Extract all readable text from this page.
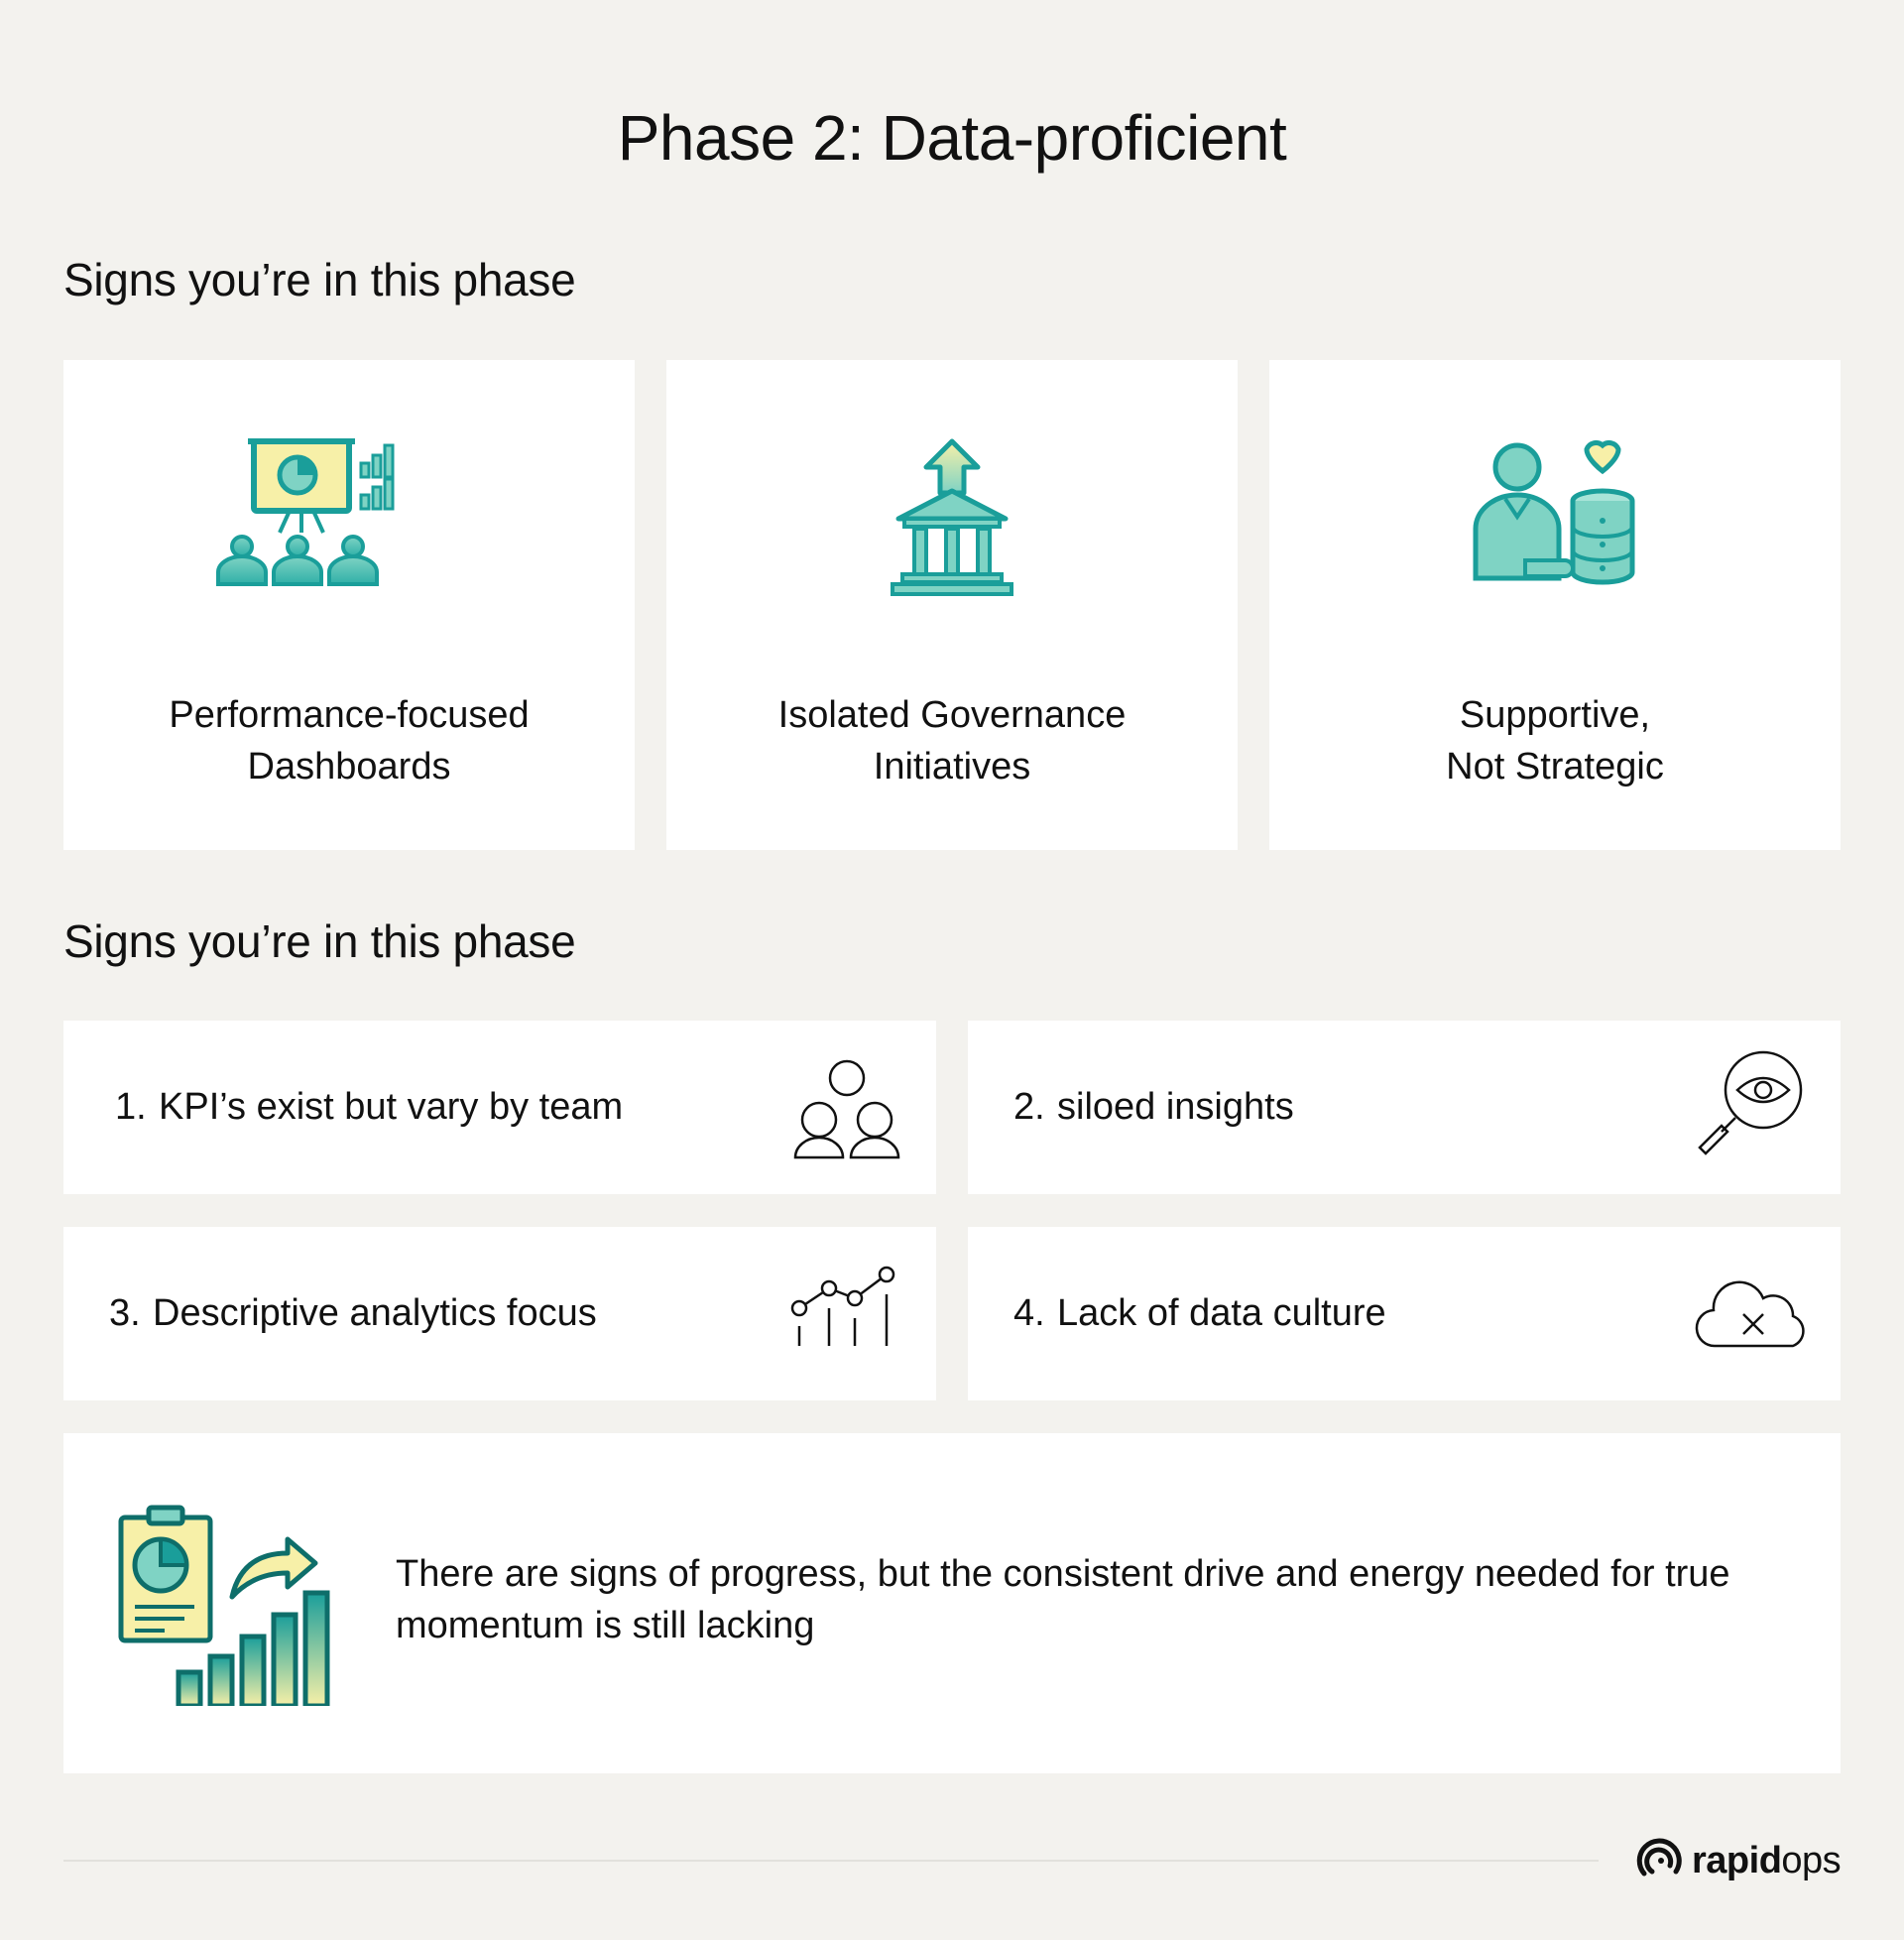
Phase 2: Data-proficient
Signs you’re in this phase
Performance-focused
Dashboards
Isolated Governance
Initiatives
Supportive,
Not Strategic
Signs you’re in this phase
1. KPI’s exist but vary by team	2. siloed insights
3. Descriptive analytics focus	4. Lack of data culture
There are signs of progress, but the consistent drive and energy needed for true momentum is still lacking
rapidops
